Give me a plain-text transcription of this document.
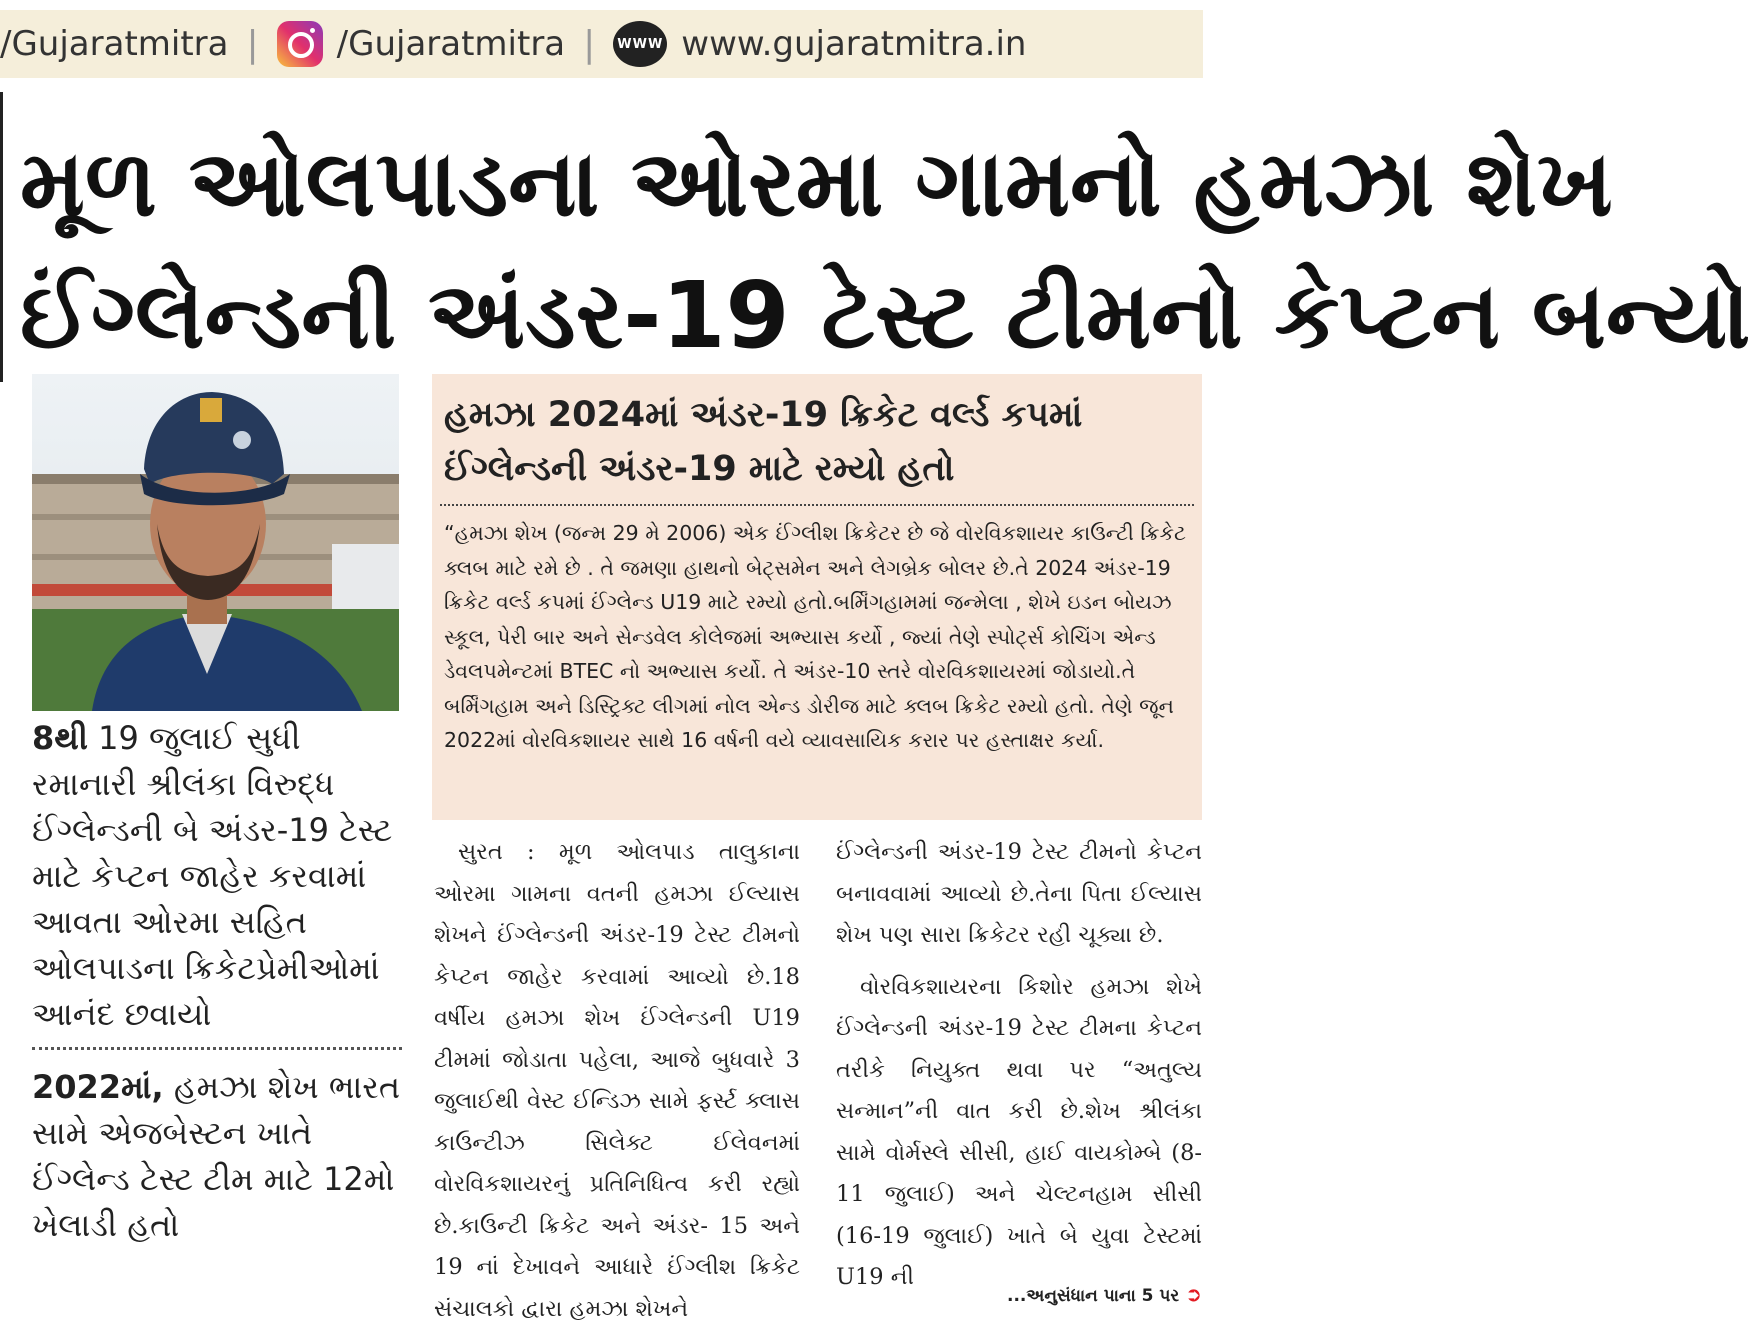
/Gujaratmitra | /Gujaratmitra |	WWW www.gujaratmitra.in
મૂળ ઓલપાડના ઓરમા ગામનો હમઝા શેખ
ઈંગ્લેન્ડની અંડર-19 ટેસ્ટ ટીમનો કેપ્ટન બન્યો
8થી 19 જુલાઈ સુધી રમાનારી શ્રીલંકા વિરુદ્ધ ઈંગ્લેન્ડની બે અંડર-19 ટેસ્ટ માટે કેપ્ટન જાહેર કરવામાં આવતા ઓરમા સહિત ઓલપાડના ક્રિકેટપ્રેમીઓમાં આનંદ છવાયો
2022માં, હમઝા શેખ ભારત સામે એજબેસ્ટન ખાતે ઈંગ્લેન્ડ ટેસ્ટ ટીમ માટે 12મો ખેલાડી હતો
હમઝા 2024માં અંડર-19 ક્રિકેટ વર્લ્ડ કપમાં
ઈંગ્લેન્ડની અંડર-19 માટે રમ્યો હતો
“હમઝા શેખ (જન્મ 29 મે 2006) એક ઈંગ્લીશ ક્રિકેટર છે જે વોરવિકશાયર કાઉન્ટી ક્રિકેટ ક્લબ માટે રમે છે . તે જમણા હાથનો બેટ્સમેન અને લેગબ્રેક બોલર છે.તે 2024 અંડર-19 ક્રિકેટ વર્લ્ડ કપમાં ઈંગ્લેન્ડ U19 માટે રમ્યો હતો.બર્મિંગહામમાં જન્મેલા , શેખે ઇડન બોયઝ સ્કૂલ, પેરી બાર અને સેન્ડવેલ કોલેજમાં અભ્યાસ કર્યો , જ્યાં તેણે સ્પોર્ટ્સ કોચિંગ એન્ડ ડેવલપમેન્ટમાં BTEC નો અભ્યાસ કર્યો. તે અંડર-10 સ્તરે વોરવિકશાયરમાં જોડાયો.તે બર્મિંગહામ અને ડિસ્ટ્રિક્ટ લીગમાં નોલ એન્ડ ડોરીજ માટે ક્લબ ક્રિકેટ રમ્યો હતો. તેણે જૂન 2022માં વોરવિકશાયર સાથે 16 વર્ષની વયે વ્યાવસાયિક કરાર પર હસ્તાક્ષર કર્યા.

સુરત : મૂળ ઓલપાડ તાલુકાના ઓરમા ગામના વતની હમઝા ઈલ્યાસ શેખને ઈંગ્લેન્ડની અંડર-19 ટેસ્ટ ટીમનો કેપ્ટન જાહેર કરવામાં આવ્યો છે.18 વર્ષીય હમઝા શેખ ઈંગ્લેન્ડની U19 ટીમમાં જોડાતા પહેલા, આજે બુધવારે 3 જુલાઈથી વેસ્ટ ઈન્ડિઝ સામે ફર્સ્ટ ક્લાસ કાઉન્ટીઝ સિલેક્ટ ઈલેવનમાં વોરવિકશાયરનું પ્રતિનિધિત્વ કરી રહ્યો છે.કાઉન્ટી ક્રિકેટ અને અંડર- 15 અને 19 નાં દેખાવને આધારે ઈંગ્લીશ ક્રિકેટ સંચાલકો દ્વારા હમઝા શેખને

ઈંગ્લેન્ડની અંડર-19 ટેસ્ટ ટીમનો કેપ્ટન બનાવવામાં આવ્યો છે.તેના પિતા ઈલ્યાસ શેખ પણ સારા ક્રિકેટર રહી ચૂક્યા છે.

વોરવિકશાયરના કિશોર હમઝા શેખે ઈંગ્લેન્ડની અંડર-19 ટેસ્ટ ટીમના કેપ્ટન તરીકે નિયુક્ત થવા પર “અતુલ્ય સન્માન”ની વાત કરી છે.શેખ શ્રીલંકા સામે વોર્મસ્લે સીસી, હાઈ વાયકોમ્બે (8-11 જુલાઈ) અને ચેલ્ટનહામ સીસી (16-19 જુલાઈ) ખાતે બે યુવા ટેસ્ટમાં U19 ની

...અનુસંધાન પાના 5 પર ➲
